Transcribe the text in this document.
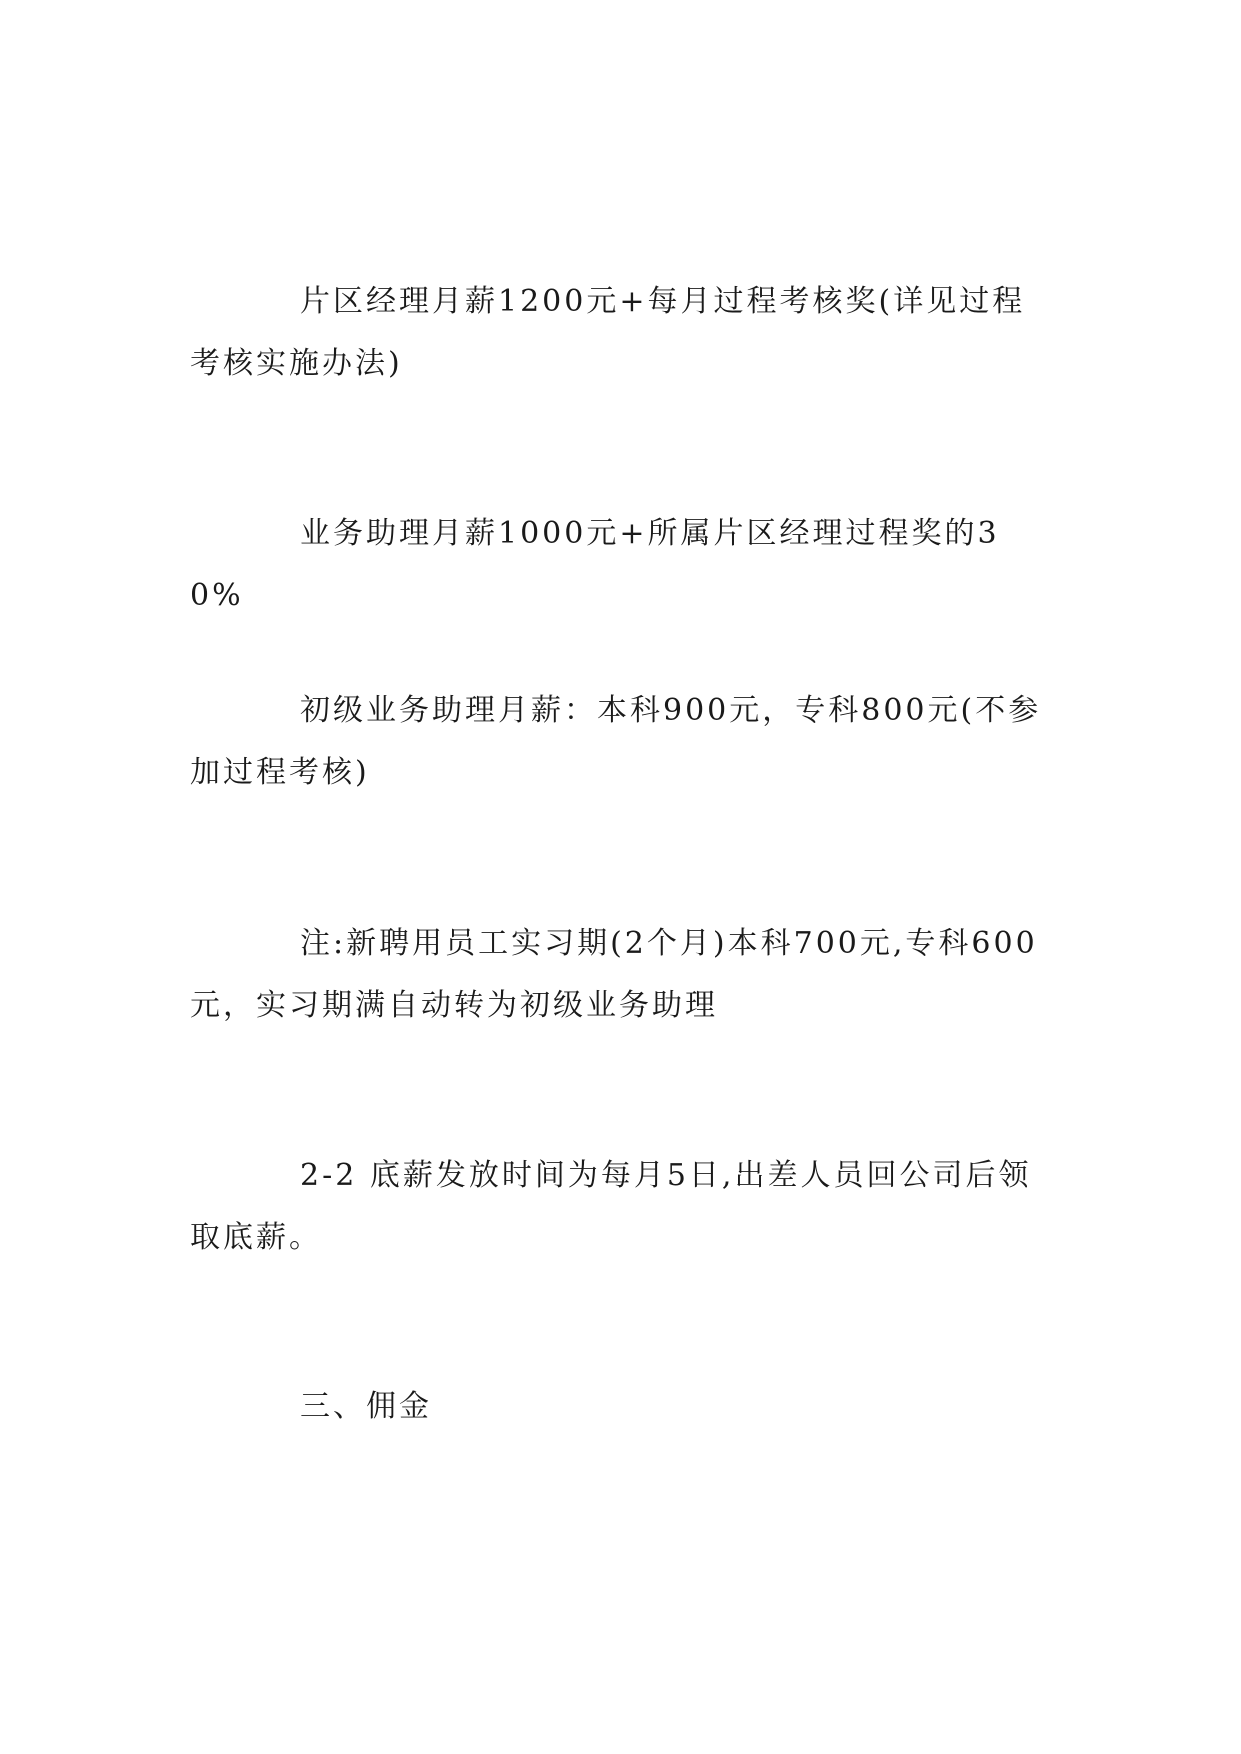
片区经理月薪1200元+每月过程考核奖(详见过程考核实施办法)

业务助理月薪1000元+所属片区经理过程奖的30%

初级业务助理月薪：本科900元，专科800元(不参加过程考核)

注:新聘用员工实习期(2个月)本科700元,专科600元，实习期满自动转为初级业务助理

2-2 底薪发放时间为每月5日,出差人员回公司后领取底薪。

三、佣金
